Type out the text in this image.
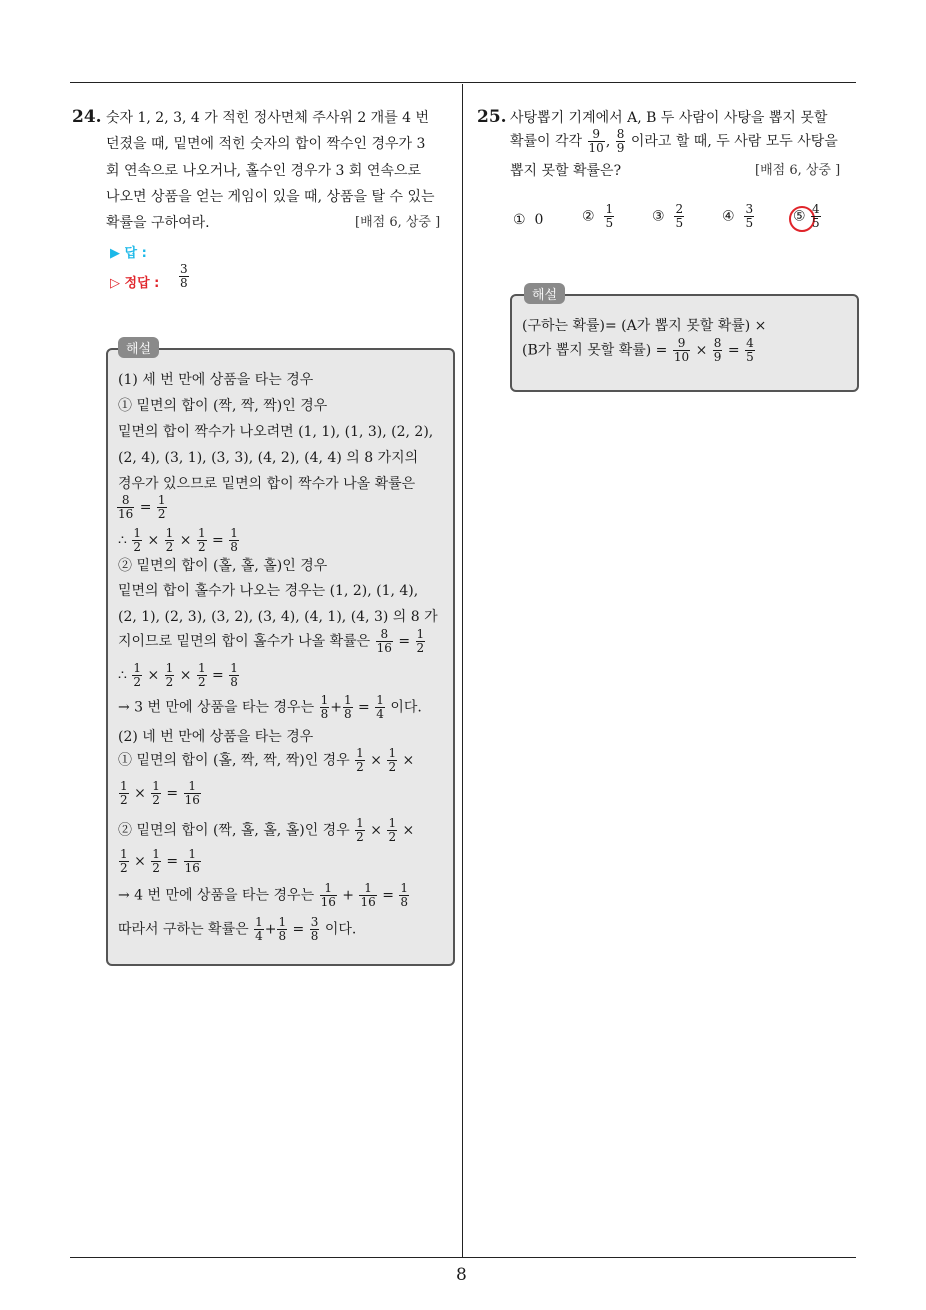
24. 숫자 1, 2, 3, 4 가 적힌 정사면체 주사위 2 개를 4 번
던졌을 때, 밑면에 적힌 숫자의 합이 짝수인 경우가 3
회 연속으로 나오거나, 홀수인 경우가 3 회 연속으로
나오면 상품을 얻는 게임이 있을 때, 상품을 탈 수 있는
확률을 구하여라.	[배점 6, 상중 ]
▶ 답 :
▷ 정답 : $\frac{3}{8}$
해설
(1) 세 번 만에 상품을 타는 경우
① 밑면의 합이 (짝, 짝, 짝)인 경우
밑면의 합이 짝수가 나오려면 (1, 1), (1, 3), (2, 2),
(2, 4), (3, 1), (3, 3), (4, 2), (4, 4) 의 8 가지의
경우가 있으므로 밑면의 합이 짝수가 나올 확률은
$\frac{8}{16} = \frac{1}{2}$
∴ $\frac{1}{2} \times \frac{1}{2} \times \frac{1}{2} = \frac{1}{8}$
② 밑면의 합이 (홀, 홀, 홀)인 경우
밑면의 합이 홀수가 나오는 경우는 (1, 2), (1, 4),
(2, 1), (2, 3), (3, 2), (3, 4), (4, 1), (4, 3) 의 8 가
지이므로 밑면의 합이 홀수가 나올 확률은 $\frac{8}{16} = \frac{1}{2}$
∴ $\frac{1}{2} \times \frac{1}{2} \times \frac{1}{2} = \frac{1}{8}$
→ 3 번 만에 상품을 타는 경우는 $\frac{1}{8} + \frac{1}{8} = \frac{1}{4}$ 이다.
(2) 네 번 만에 상품을 타는 경우
① 밑면의 합이 (홀, 짝, 짝, 짝)인 경우 $\frac{1}{2} \times \frac{1}{2}$ ×
$\frac{1}{2} \times \frac{1}{2} = \frac{1}{16}$
② 밑면의 합이 (짝, 홀, 홀, 홀)인 경우 $\frac{1}{2} \times \frac{1}{2}$ ×
$\frac{1}{2} \times \frac{1}{2} = \frac{1}{16}$
→ 4 번 만에 상품을 타는 경우는 $\frac{1}{16} + \frac{1}{16} = \frac{1}{8}$
따라서 구하는 확률은 $\frac{1}{4} + \frac{1}{8} = \frac{3}{8}$ 이다.
25. 사탕뽑기 기계에서 A, B 두 사람이 사탕을 뽑지 못할
확률이 각각 $\frac{9}{10}$ , $\frac{8}{9}$ 이라고 할 때, 두 사람 모두 사탕을
뽑지 못할 확률은?	[배점 6, 상중 ]
① 0	② $\frac{1}{5}$	③ $\frac{2}{5}$	④ $\frac{3}{5}$	⑤ $\frac{4}{5}$
해설
(구하는 확률)= (A가 뽑지 못할 확률) ×
(B가 뽑지 못할 확률) = $\frac{9}{10} \times \frac{8}{9} = \frac{4}{5}$
8
